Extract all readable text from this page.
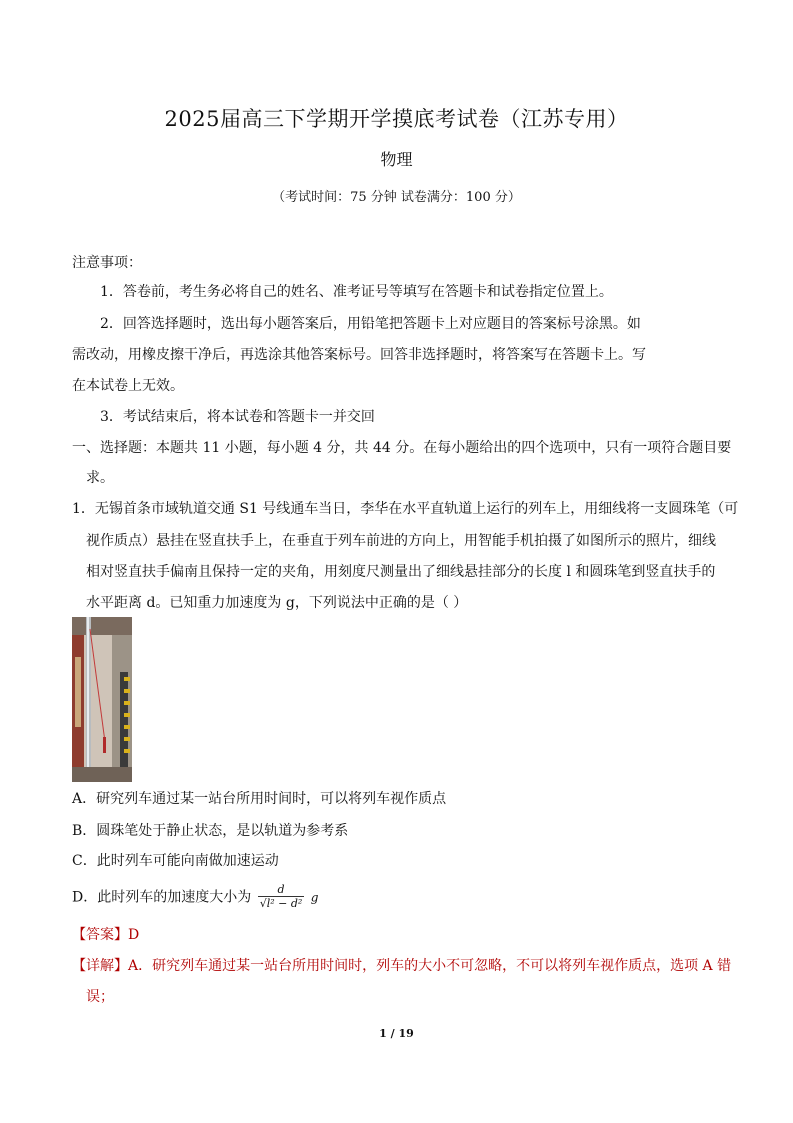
2025届高三下学期开学摸底考试卷（江苏专用）
物理
（考试时间：75 分钟 试卷满分：100 分）
注意事项：
1．答卷前，考生务必将自己的姓名、准考证号等填写在答题卡和试卷指定位置上。
2．回答选择题时，选出每小题答案后，用铅笔把答题卡上对应题目的答案标号涂黑。如
需改动，用橡皮擦干净后，再选涂其他答案标号。回答非选择题时，将答案写在答题卡上。写
在本试卷上无效。
3．考试结束后，将本试卷和答题卡一并交回
一、选择题：本题共 11 小题，每小题 4 分，共 44 分。在每小题给出的四个选项中，只有一项符合题目要
求。
1．无锡首条市域轨道交通 S1 号线通车当日，李华在水平直轨道上运行的列车上，用细线将一支圆珠笔（可
视作质点）悬挂在竖直扶手上，在垂直于列车前进的方向上，用智能手机拍摄了如图所示的照片，细线
相对竖直扶手偏南且保持一定的夹角，用刻度尺测量出了细线悬挂部分的长度 l 和圆珠笔到竖直扶手的
水平距离 d。已知重力加速度为 g，下列说法中正确的是（ ）
A．研究列车通过某一站台所用时间时，可以将列车视作质点
B．圆珠笔处于静止状态，是以轨道为参考系
C．此时列车可能向南做加速运动
D．此时列车的加速度大小为 $\frac{d}{\text{√l² − d²}}$ g
【答案】D
【详解】A．研究列车通过某一站台所用时间时，列车的大小不可忽略，不可以将列车视作质点，选项 A 错
误；
1 / 19
